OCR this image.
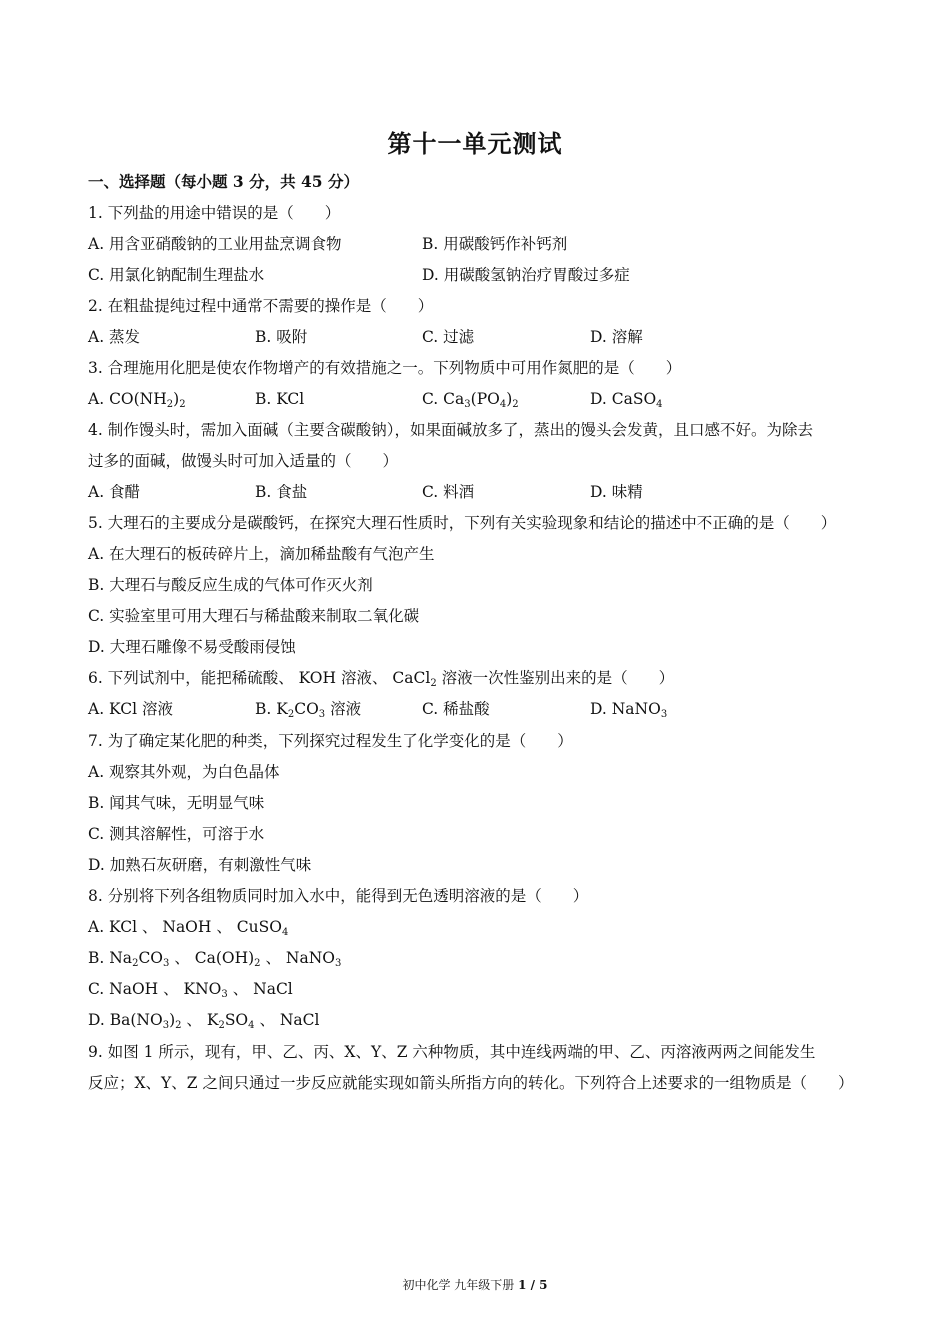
第十一单元测试
一、选择题（每小题 3 分，共 45 分）
1. 下列盐的用途中错误的是（　　）
A. 用含亚硝酸钠的工业用盐烹调食物	B. 用碳酸钙作补钙剂
C. 用氯化钠配制生理盐水	D. 用碳酸氢钠治疗胃酸过多症
2. 在粗盐提纯过程中通常不需要的操作是（　　）
A. 蒸发	B. 吸附	C. 过滤	D. 溶解
3. 合理施用化肥是使农作物增产的有效措施之一。下列物质中可用作氮肥的是（　　）
A. $CO(NH_2)_2$	B. KCl	C. $Ca_3(PO_4)_2$	D. CaSO$_4$
4. 制作馒头时，需加入面碱（主要含碳酸钠），如果面碱放多了，蒸出的馒头会发黄，且口感不好。为除去
过多的面碱，做馒头时可加入适量的（　　）
A. 食醋	B. 食盐	C. 料酒	D. 味精
5. 大理石的主要成分是碳酸钙，在探究大理石性质时，下列有关实验现象和结论的描述中不正确的是（　　）
A. 在大理石的板砖碎片上，滴加稀盐酸有气泡产生
B. 大理石与酸反应生成的气体可作灭火剂
C. 实验室里可用大理石与稀盐酸来制取二氧化碳
D. 大理石雕像不易受酸雨侵蚀
6. 下列试剂中，能把稀硫酸、 KOH 溶液、 CaCl$_2$ 溶液一次性鉴别出来的是（　　）
A. KCl 溶液	B. $K_2CO_3$ 溶液	C. 稀盐酸	D. NaNO$_3$
7. 为了确定某化肥的种类，下列探究过程发生了化学变化的是（　　）
A. 观察其外观，为白色晶体
B. 闻其气味，无明显气味
C. 测其溶解性，可溶于水
D. 加熟石灰研磨，有刺激性气味
8. 分别将下列各组物质同时加入水中，能得到无色透明溶液的是（　　）
A. KCl 、 NaOH 、 CuSO$_4$
B. $Na_2CO_3$ 、 $Ca(OH)_2$ 、 NaNO$_3$
C. NaOH 、 $KNO_3$ 、 NaCl
D. $Ba(NO_3)_2$ 、 $K_2SO_4$ 、 NaCl
9. 如图 1 所示，现有，甲、乙、丙、X、Y、Z 六种物质，其中连线两端的甲、乙、丙溶液两两之间能发生
反应；X、Y、Z 之间只通过一步反应就能实现如箭头所指方向的转化。下列符合上述要求的一组物质是（　　）
初中化学 九年级下册 1 / 5
